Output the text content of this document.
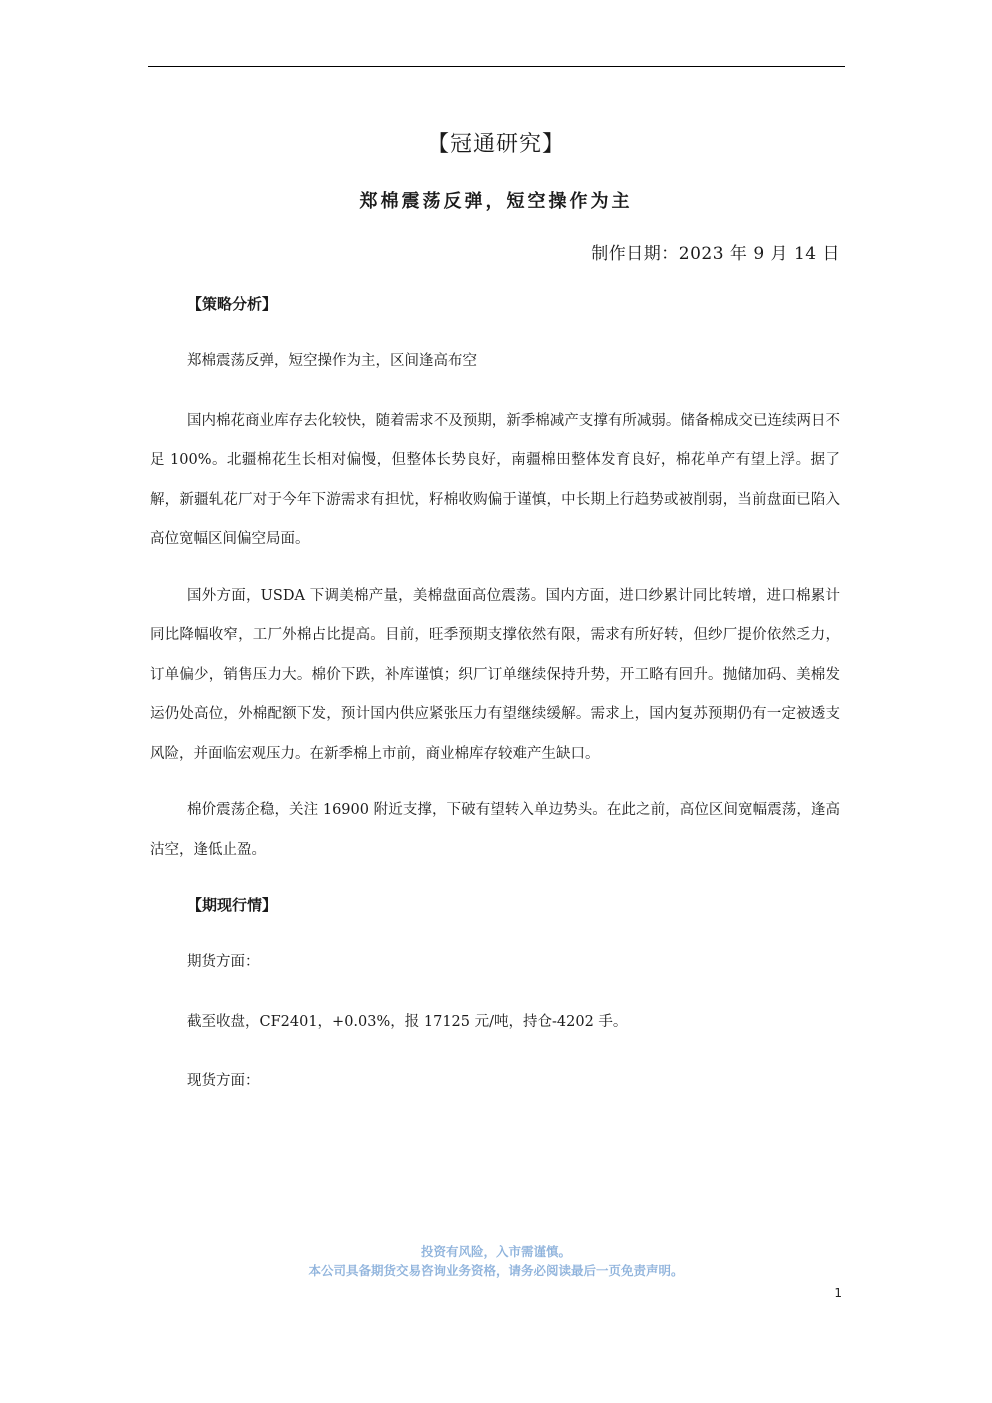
【冠通研究】
郑棉震荡反弹，短空操作为主
制作日期：2023 年 9 月 14 日
【策略分析】

郑棉震荡反弹，短空操作为主，区间逢高布空

国内棉花商业库存去化较快，随着需求不及预期，新季棉减产支撑有所减弱。储备棉成交已连续两日不足 100%。北疆棉花生长相对偏慢，但整体长势良好，南疆棉田整体发育良好，棉花单产有望上浮。据了解，新疆轧花厂对于今年下游需求有担忧，籽棉收购偏于谨慎，中长期上行趋势或被削弱，当前盘面已陷入高位宽幅区间偏空局面。

国外方面，USDA 下调美棉产量，美棉盘面高位震荡。国内方面，进口纱累计同比转增，进口棉累计同比降幅收窄，工厂外棉占比提高。目前，旺季预期支撑依然有限，需求有所好转，但纱厂提价依然乏力，订单偏少，销售压力大。棉价下跌，补库谨慎；织厂订单继续保持升势，开工略有回升。抛储加码、美棉发运仍处高位，外棉配额下发，预计国内供应紧张压力有望继续缓解。需求上，国内复苏预期仍有一定被透支风险，并面临宏观压力。在新季棉上市前，商业棉库存较难产生缺口。

棉价震荡企稳，关注 16900 附近支撑，下破有望转入单边势头。在此之前，高位区间宽幅震荡，逢高沽空，逢低止盈。

【期现行情】

期货方面：

截至收盘，CF2401，+0.03%，报 17125 元/吨，持仓-4202 手。

现货方面：

投资有风险，入市需谨慎。
本公司具备期货交易咨询业务资格，请务必阅读最后一页免责声明。
1
